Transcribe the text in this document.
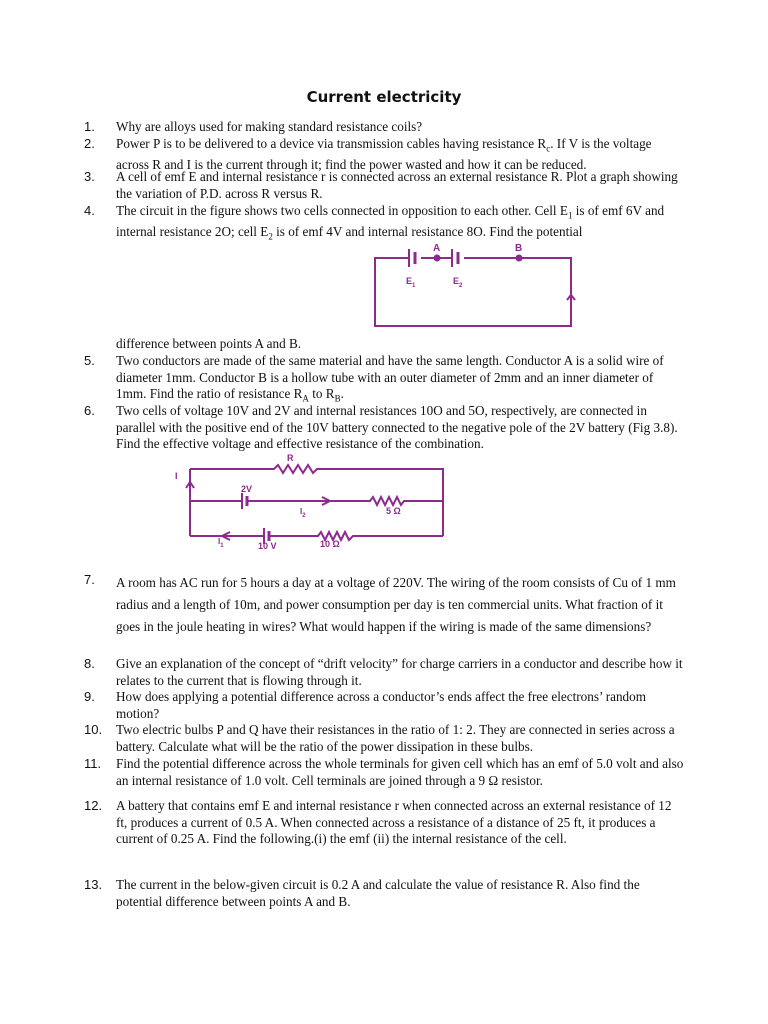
Current electricity
1.	Why are alloys used for making standard resistance coils?
2.	Power P is to be delivered to a device via transmission cables having resistance $R_c$. If V is the voltage across R and I is the current through it; find the power wasted and how it can be reduced.
3.	A cell of emf E and internal resistance r is connected across an external resistance R. Plot a graph showing the variation of P.D. across R versus R.
4.	The circuit in the figure shows two cells connected in opposition to each other. Cell $E_1$ is of emf 6V and internal resistance 2O; cell $E_2$ is of emf 4V and internal resistance 8O. Find the potential
A	B
$E_1$	$E_2$
difference between points A and B.
5.	Two conductors are made of the same material and have the same length. Conductor A is a solid wire of diameter 1mm. Conductor B is a hollow tube with an outer diameter of 2mm and an inner diameter of 1mm. Find the ratio of resistance $R_A$ to $R_B$.
6.	Two cells of voltage 10V and 2V and internal resistances 10O and 5O, respectively, are connected in parallel with the positive end of the 10V battery connected to the negative pole of the 2V battery (Fig 3.8). Find the effective voltage and effective resistance of the combination.
R
I
2V
$I_2$	5 Ω
$I_1$	10 V	10 Ω
7.	A room has AC run for 5 hours a day at a voltage of 220V. The wiring of the room consists of Cu of 1 mm radius and a length of 10m, and power consumption per day is ten commercial units. What fraction of it goes in the joule heating in wires? What would happen if the wiring is made of the same dimensions?
8.	Give an explanation of the concept of “drift velocity” for charge carriers in a conductor and describe how it relates to the current that is flowing through it.
9.	How does applying a potential difference across a conductor’s ends affect the free electrons’ random motion?
10.	Two electric bulbs P and Q have their resistances in the ratio of 1: 2. They are connected in series across a battery. Calculate what will be the ratio of the power dissipation in these bulbs.
11.	Find the potential difference across the whole terminals for given cell which has an emf of 5.0 volt and also an internal resistance of 1.0 volt. Cell terminals are joined through a 9 Ω resistor.
12.	A battery that contains emf E and internal resistance r when connected across an external resistance of 12 ft, produces a current of 0.5 A. When connected across a resistance of a distance of 25 ft, it produces a current of 0.25 A. Find the following.(i) the emf (ii) the internal resistance of the cell.
13.	The current in the below-given circuit is 0.2 A and calculate the value of resistance R. Also find the potential difference between points A and B.
